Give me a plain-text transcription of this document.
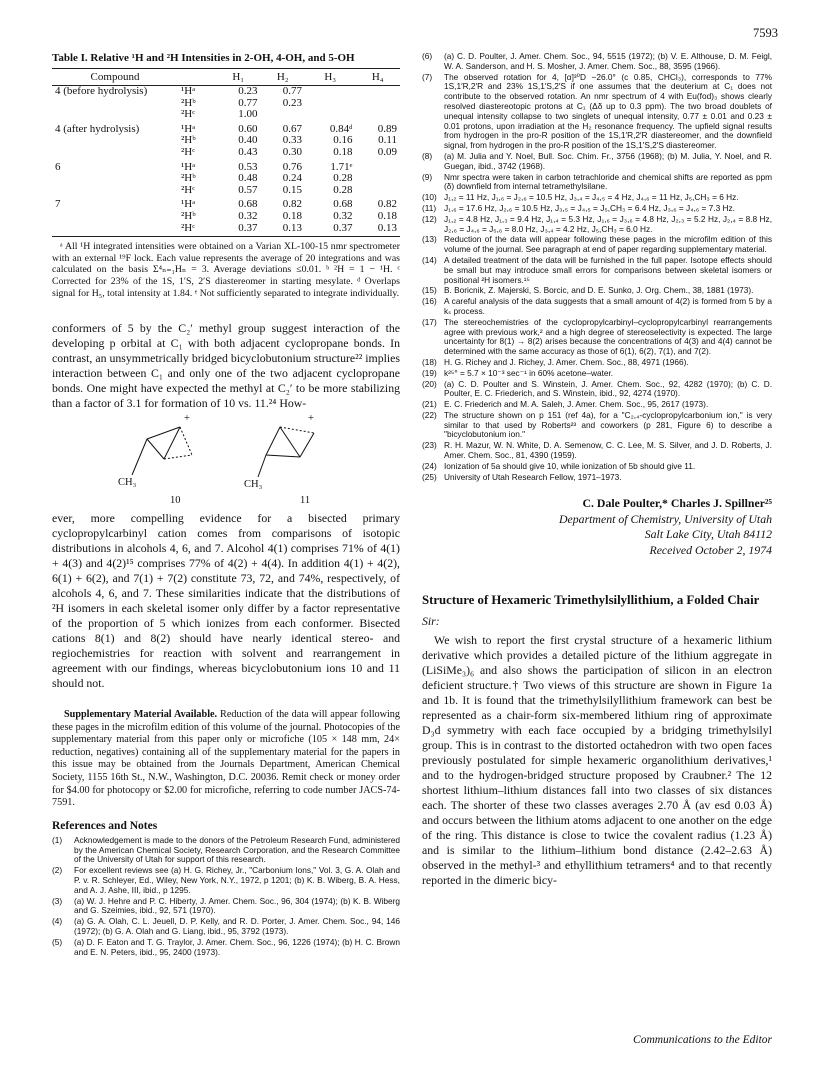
7593
Table I. Relative ¹H and ²H Intensities in 2-OH, 4-OH, and 5-OH
Compound		H₁	H₂	H₃	H₄
4 (before hydrolysis)	¹Hᵃ	0.23	0.77		
	²Hᵇ	0.77	0.23		
	²Hᶜ	1.00			
4 (after hydrolysis)	¹Hᵃ	0.60	0.67	0.84ᵈ	0.89
	²Hᵇ	0.40	0.33	0.16	0.11
	²Hᶜ	0.43	0.30	0.18	0.09
6	¹Hᵃ	0.53	0.76	1.71ᵉ	
	²Hᵇ	0.48	0.24	0.28	
	²Hᶜ	0.57	0.15	0.28	
7	¹Hᵃ	0.68	0.82	0.68	0.82
	²Hᵇ	0.32	0.18	0.32	0.18
	²Hᶜ	0.37	0.13	0.37	0.13
ᵃ All ¹H integrated intensities were obtained on a Varian XL-100-15 nmr spectrometer with an external ¹⁹F lock. Each value represents the average of 20 integrations and was calculated on the basis Σ⁴ₙ₌₁Hₙ = 3. Average deviations ≤0.01. ᵇ ²H = 1 − ¹H. ᶜ Corrected for 23% of the 1S, 1′S, 2′S diastereomer in starting mesylate. ᵈ Overlaps signal for H₅, total intensity at 1.84. ᵉ Not sufficiently separated to integrate individually.

conformers of 5 by the C₂′ methyl group suggest interaction of the developing p orbital at C₁ with both adjacent cyclopropane bonds. In contrast, an unsymmetrically bridged bicyclobutonium structure²² implies interaction between C₁ and only one of the two adjacent cyclopropane bonds. One might have expected the methyl at C₂′ to be more stabilizing than a factor of 3.1 for formation of 10 vs. 11.²⁴ How-

+	+
CH₃	CH₃
10	11

ever, more compelling evidence for a bisected primary cyclopropylcarbinyl cation comes from comparisons of isotopic distributions in alcohols 4, 6, and 7. Alcohol 4(1) comprises 71% of 4(1) + 4(3) and 4(2)¹⁵ comprises 77% of 4(2) + 4(4). In addition 4(1) + 4(2), 6(1) + 6(2), and 7(1) + 7(2) constitute 73, 72, and 74%, respectively, of alcohols 4, 6, and 7. These similarities indicate that the distributions of ²H isomers in each skeletal isomer only differ by a factor representative of the proportion of 5 which ionizes from each conformer. Bisected cations 8(1) and 8(2) should have nearly identical stereo- and regiochemistries for reaction with solvent and rearrangement in agreement with our findings, whereas bicyclobutonium ions 10 and 11 should not.

Supplementary Material Available. Reduction of the data will appear following these pages in the microfilm edition of this volume of the journal. Photocopies of the supplementary material from this paper only or microfiche (105 × 148 mm, 24× reduction, negatives) containing all of the supplementary material for the papers in this issue may be obtained from the Journals Department, American Chemical Society, 1155 16th St., N.W., Washington, D.C. 20036. Remit check or money order for $4.00 for photocopy or $2.00 for microfiche, referring to code number JACS-74-7591.
References and Notes
(1)	Acknowledgement is made to the donors of the Petroleum Research Fund, administered by the American Chemical Society, Research Corporation, and the Research Committee of the University of Utah for support of this research.
(2)	For excellent reviews see (a) H. G. Richey, Jr., "Carbonium Ions," Vol. 3, G. A. Olah and P. v. R. Schleyer, Ed., Wiley, New York, N.Y., 1972, p 1201; (b) K. B. Wiberg, B. A. Hess, and A. J. Ashe, III, ibid., p 1295.
(3)	(a) W. J. Hehre and P. C. Hiberty, J. Amer. Chem. Soc., 96, 304 (1974); (b) K. B. Wiberg and G. Szeimies, ibid., 92, 571 (1970).
(4)	(a) G. A. Olah, C. L. Jeuell, D. P. Kelly, and R. D. Porter, J. Amer. Chem. Soc., 94, 146 (1972); (b) G. A. Olah and G. Liang, ibid., 95, 3792 (1973).
(5)	(a) D. F. Eaton and T. G. Traylor, J. Amer. Chem. Soc., 96, 1226 (1974); (b) H. C. Brown and E. N. Peters, ibid., 95, 2400 (1973).
(6)	(a) C. D. Poulter, J. Amer. Chem. Soc., 94, 5515 (1972); (b) V. E. Althouse, D. M. Feigl, W. A. Sanderson, and H. S. Mosher, J. Amer. Chem. Soc., 88, 3595 (1966).
(7)	The observed rotation for 4, [α]³⁰D −26.0° (c 0.85, CHCl₃), corresponds to 77% 1S,1′R,2′R and 23% 1S,1′S,2′S if one assumes that the deuterium at C₁ does not contribute to the observed rotation. An nmr spectrum of 4 with Eu(fod)₃ shows clearly resolved diastereotopic protons at C₁ (Δδ up to 0.3 ppm). The two broad doublets of unequal intensity collapse to two singlets of unequal intensity, 0.77 ± 0.01 and 0.23 ± 0.01 protons, upon irradiation at the H₂ resonance frequency. The upfield signal results from hydrogen in the pro-R position of the 1S,1′R,2′R diastereomer, and the downfield signal, from hydrogen in the pro-R position of the 1S,1′S,2′S diastereomer.
(8)	(a) M. Julia and Y. Noel, Bull. Soc. Chim. Fr., 3756 (1968); (b) M. Julia, Y. Noel, and R. Guegan, ibid., 3742 (1968).
(9)	Nmr spectra were taken in carbon tetrachloride and chemical shifts are reported as ppm (δ) downfield from internal tetramethylsilane.
(10) J₁,₂ = 11 Hz, J₁,₆ = J₂,₆ = 10.5 Hz, J₃,₄ = J₄,₅ = 4 Hz, J₄,₆ = 11 Hz, J₅,CH₃ = 6 Hz.
(11) J₁,₆ = 17.6 Hz, J₂,₆ = 10.5 Hz, J₃,₅ = J₄,₅ = J₅,CH₃ = 6.4 Hz, J₃,₆ = J₄,₆ = 7.3 Hz.
(12) J₁,₂ = 4.8 Hz, J₁,₃ = 9.4 Hz, J₁,₄ = 5.3 Hz, J₁,₆ = J₃,₆ = 4.8 Hz, J₂,₃ = 5.2 Hz, J₂,₄ = 8.8 Hz, J₂,₆ = J₄,₆ = J₅,₆ = 8.0 Hz, J₃,₄ = 4.2 Hz, J₅,CH₃ = 6.0 Hz.
(13) Reduction of the data will appear following these pages in the microfilm edition of this volume of the journal. See paragraph at end of paper regarding supplementary material.
(14) A detailed treatment of the data will be furnished in the full paper. Isotope effects should be small but may introduce small errors for comparisons between skeletal isomers or positional ²H isomers.¹⁵
(15) B. Boricnik, Z. Majerski, S. Borcic, and D. E. Sunko, J. Org. Chem., 38, 1881 (1973).
(16) A careful analysis of the data suggests that a small amount of 4(2) is formed from 5 by a kₛ process.
(17) The stereochemistries of the cyclopropylcarbinyl–cyclopropylcarbinyl rearrangements agree with previous work,² and a high degree of stereoselectivity is expected. The large uncertainty for 8(1) → 8(2) arises because the concentrations of 4(3) and 4(4) cannot be determined with the same accuracy as those of 6(1), 6(2), 7(1), and 7(2).
(18) H. G. Richey and J. Richey, J. Amer. Chem. Soc., 88, 4971 (1966).
(19) k²⁵° = 5.7 × 10⁻³ sec⁻¹ in 60% acetone–water.
(20) (a) C. D. Poulter and S. Winstein, J. Amer. Chem. Soc., 92, 4282 (1970); (b) C. D. Poulter, E. C. Friederich, and S. Winstein, ibid., 92, 4274 (1970).
(21) E. C. Friederich and M. A. Saleh, J. Amer. Chem. Soc., 95, 2617 (1973).
(22) The structure shown on p 151 (ref 4a), for a "C₂,₄-cyclopropylcarbonium ion," is very similar to that used by Roberts²³ and coworkers (p 281, Figure 6) to describe a "bicyclobutonium ion."
(23) R. H. Mazur, W. N. White, D. A. Semenow, C. C. Lee, M. S. Silver, and J. D. Roberts, J. Amer. Chem. Soc., 81, 4390 (1959).
(24) Ionization of 5a should give 10, while ionization of 5b should give 11.
(25) University of Utah Research Fellow, 1971–1973.
C. Dale Poulter,* Charles J. Spillner²⁵
Department of Chemistry, University of Utah
Salt Lake City, Utah 84112
Received October 2, 1974
Structure of Hexameric Trimethylsilyllithium, a Folded Chair
Sir:

We wish to report the first crystal structure of a hexameric lithium derivative which provides a detailed picture of the lithium aggregate in (LiSiMe₃)₆ and also shows the participation of silicon in an electron deficient structure.† Two views of this structure are shown in Figure 1a and 1b. It is found that the trimethylsilyllithium framework can best be represented as a chair-form six-membered lithium ring of approximate D₃d symmetry with each face occupied by a bridging trimethylsilyl group. This is in contrast to the distorted octahedron with two open faces previously postulated for simple hexameric organolithium derivatives,¹ and to the hydrogen-bridged structure proposed by Craubner.² The 12 shortest lithium–lithium distances fall into two classes of six distances each. The shorter of these two classes averages 2.70 Å (av esd 0.03 Å) and occurs between the lithium atoms adjacent to one another on the edge of the ring. This distance is close to twice the covalent radius (1.23 Å) and is similar to the lithium–lithium bond distance (2.42–2.63 Å) observed in the methyl-³ and ethyllithium tetramers⁴ and to that recently reported in the dimeric bicy-

Communications to the Editor
